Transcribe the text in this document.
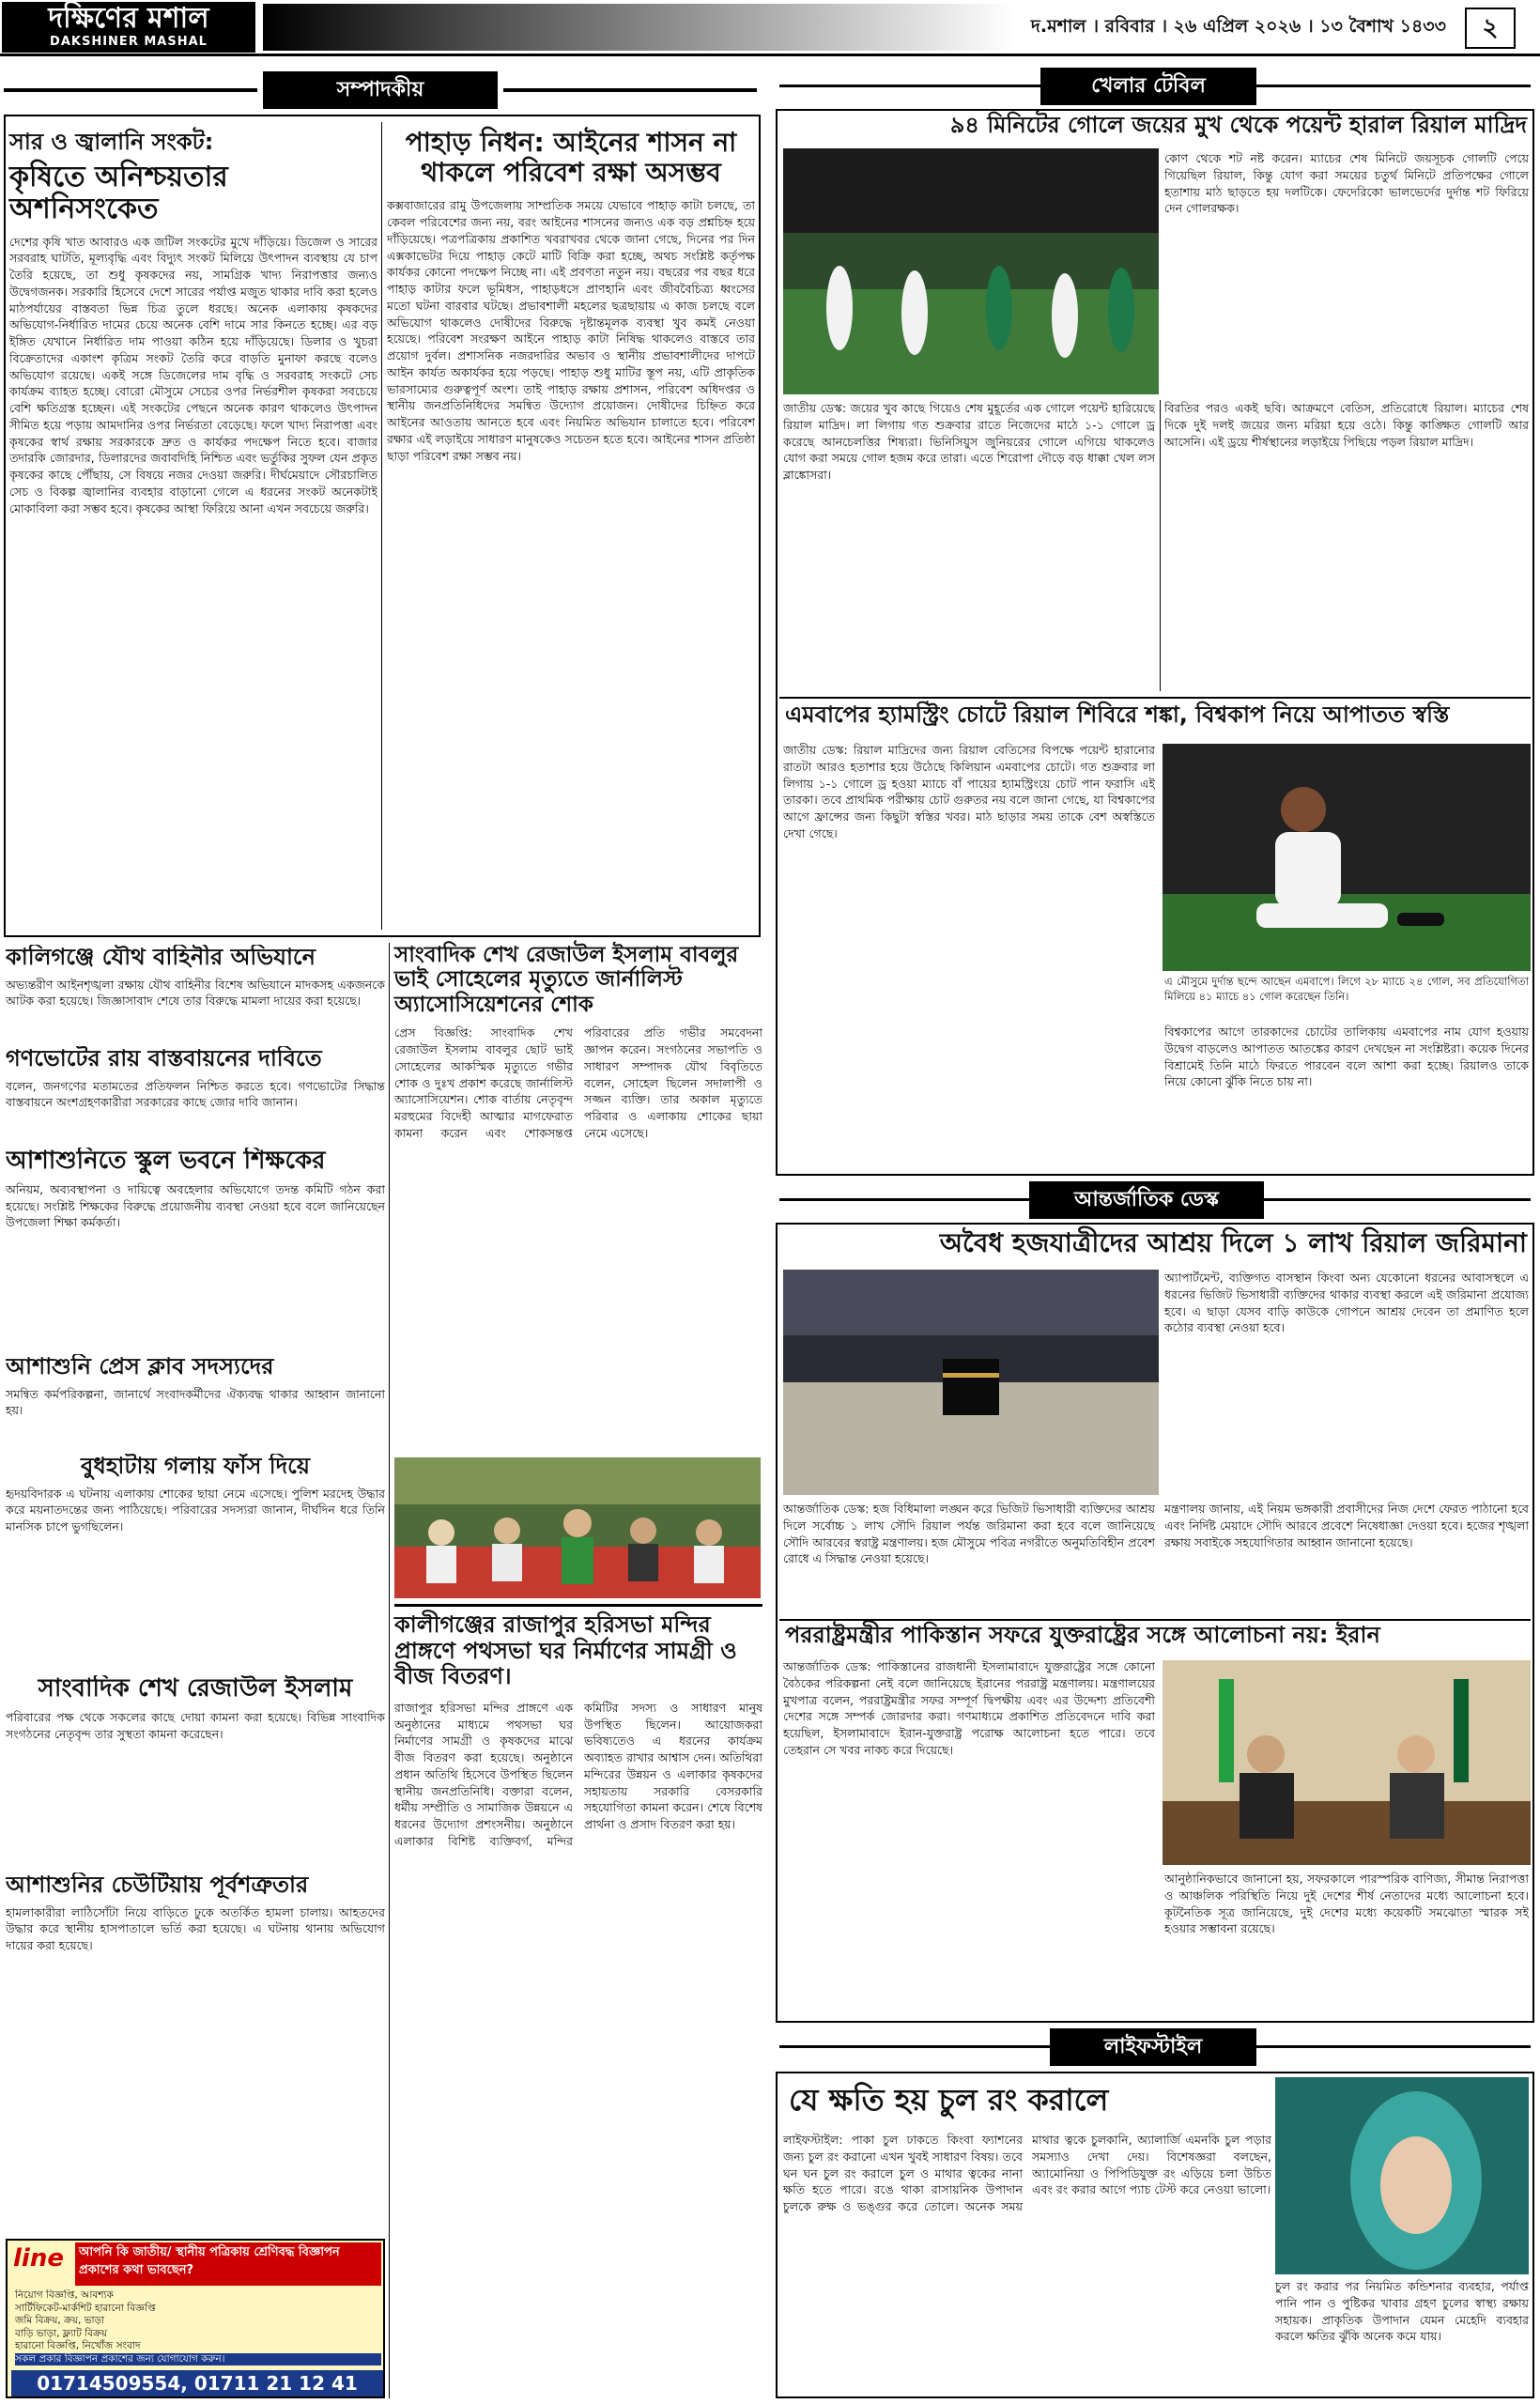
দক্ষিণের মশাল
DAKSHINER MASHAL
দ.মশাল । রবিবার । ২৬ এপ্রিল ২০২৬ । ১৩ বৈশাখ ১৪৩৩	২
সম্পাদকীয়
সার ও জ্বালানি সংকট:
কৃষিতে অনিশ্চয়তার অশনিসংকেত
দেশের কৃষি খাত আবারও এক জটিল সংকটের মুখে দাঁড়িয়ে। ডিজেল ও সারের সরবরাহ ঘাটতি, মূল্যবৃদ্ধি এবং বিদ্যুৎ সংকট মিলিয়ে উৎপাদন ব্যবস্থায় যে চাপ তৈরি হয়েছে, তা শুধু কৃষকদের নয়, সামগ্রিক খাদ্য নিরাপত্তার জন্যও উদ্বেগজনক। সরকারি হিসেবে দেশে সারের পর্যাপ্ত মজুত থাকার দাবি করা হলেও মাঠপর্যায়ের বাস্তবতা ভিন্ন চিত্র তুলে ধরছে। অনেক এলাকায় কৃষকদের অভিযোগ-নির্ধারিত দামের চেয়ে অনেক বেশি দামে সার কিনতে হচ্ছে। এর বড় ইঙ্গিত যেখানে নির্ধারিত দাম পাওয়া কঠিন হয়ে দাঁড়িয়েছে। ডিলার ও খুচরা বিক্রেতাদের একাংশ কৃত্রিম সংকট তৈরি করে বাড়তি মুনাফা করছে বলেও অভিযোগ রয়েছে। একই সঙ্গে ডিজেলের দাম বৃদ্ধি ও সরবরাহ সংকটে সেচ কার্যক্রম ব্যাহত হচ্ছে। বোরো মৌসুমে সেচের ওপর নির্ভরশীল কৃষকরা সবচেয়ে বেশি ক্ষতিগ্রস্ত হচ্ছেন। এই সংকটের পেছনে অনেক কারণ থাকলেও উৎপাদন সীমিত হয়ে পড়ায় আমদানির ওপর নির্ভরতা বেড়েছে। ফলে খাদ্য নিরাপত্তা এবং কৃষকের স্বার্থ রক্ষায় সরকারকে দ্রুত ও কার্যকর পদক্ষেপ নিতে হবে। বাজার তদারকি জোরদার, ডিলারদের জবাবদিহি নিশ্চিত এবং ভর্তুকির সুফল যেন প্রকৃত কৃষকের কাছে পৌঁছায়, সে বিষয়ে নজর দেওয়া জরুরি। দীর্ঘমেয়াদে সৌরচালিত সেচ ও বিকল্প জ্বালানির ব্যবহার বাড়ানো গেলে এ ধরনের সংকট অনেকটাই মোকাবিলা করা সম্ভব হবে। কৃষকের আস্থা ফিরিয়ে আনা এখন সবচেয়ে জরুরি।
পাহাড় নিধন: আইনের শাসন না থাকলে পরিবেশ রক্ষা অসম্ভব
কক্সবাজারের রামু উপজেলায় সাম্প্রতিক সময়ে যেভাবে পাহাড় কাটা চলছে, তা কেবল পরিবেশের জন্য নয়, বরং আইনের শাসনের জন্যও এক বড় প্রশ্নচিহ্ন হয়ে দাঁড়িয়েছে। পত্রপত্রিকায় প্রকাশিত খবরাখবর থেকে জানা গেছে, দিনের পর দিন এক্সকাভেটর দিয়ে পাহাড় কেটে মাটি বিক্রি করা হচ্ছে, অথচ সংশ্লিষ্ট কর্তৃপক্ষ কার্যকর কোনো পদক্ষেপ নিচ্ছে না। এই প্রবণতা নতুন নয়। বছরের পর বছর ধরে পাহাড় কাটার ফলে ভূমিধস, পাহাড়ধসে প্রাণহানি এবং জীববৈচিত্র্য ধ্বংসের মতো ঘটনা বারবার ঘটছে। প্রভাবশালী মহলের ছত্রছায়ায় এ কাজ চলছে বলে অভিযোগ থাকলেও দোষীদের বিরুদ্ধে দৃষ্টান্তমূলক ব্যবস্থা খুব কমই নেওয়া হয়েছে। পরিবেশ সংরক্ষণ আইনে পাহাড় কাটা নিষিদ্ধ থাকলেও বাস্তবে তার প্রয়োগ দুর্বল। প্রশাসনিক নজরদারির অভাব ও স্থানীয় প্রভাবশালীদের দাপটে আইন কার্যত অকার্যকর হয়ে পড়ছে। পাহাড় শুধু মাটির স্তূপ নয়, এটি প্রাকৃতিক ভারসাম্যের গুরুত্বপূর্ণ অংশ। তাই পাহাড় রক্ষায় প্রশাসন, পরিবেশ অধিদপ্তর ও স্থানীয় জনপ্রতিনিধিদের সমন্বিত উদ্যোগ প্রয়োজন। দোষীদের চিহ্নিত করে আইনের আওতায় আনতে হবে এবং নিয়মিত অভিযান চালাতে হবে। পরিবেশ রক্ষার এই লড়াইয়ে সাধারণ মানুষকেও সচেতন হতে হবে। আইনের শাসন প্রতিষ্ঠা ছাড়া পরিবেশ রক্ষা সম্ভব নয়।
কালিগঞ্জে যৌথ বাহিনীর অভিযানে
অভ্যন্তরীণ আইনশৃঙ্খলা রক্ষায় যৌথ বাহিনীর বিশেষ অভিযানে মাদকসহ একজনকে আটক করা হয়েছে। জিজ্ঞাসাবাদ শেষে তার বিরুদ্ধে মামলা দায়ের করা হয়েছে।
গণভোটের রায় বাস্তবায়নের দাবিতে
বলেন, জনগণের মতামতের প্রতিফলন নিশ্চিত করতে হবে। গণভোটের সিদ্ধান্ত বাস্তবায়নে অংশগ্রহণকারীরা সরকারের কাছে জোর দাবি জানান।
আশাশুনিতে স্কুল ভবনে শিক্ষকের
অনিয়ম, অব্যবস্থাপনা ও দায়িত্বে অবহেলার অভিযোগে তদন্ত কমিটি গঠন করা হয়েছে। সংশ্লিষ্ট শিক্ষকের বিরুদ্ধে প্রয়োজনীয় ব্যবস্থা নেওয়া হবে বলে জানিয়েছেন উপজেলা শিক্ষা কর্মকর্তা।
আশাশুনি প্রেস ক্লাব সদস্যদের
সমন্বিত কর্মপরিকল্পনা, জানার্থে সংবাদকর্মীদের ঐক্যবদ্ধ থাকার আহ্বান জানানো হয়।
বুধহাটায় গলায় ফাঁস দিয়ে
হৃদয়বিদারক এ ঘটনায় এলাকায় শোকের ছায়া নেমে এসেছে। পুলিশ মরদেহ উদ্ধার করে ময়নাতদন্তের জন্য পাঠিয়েছে। পরিবারের সদস্যরা জানান, দীর্ঘদিন ধরে তিনি মানসিক চাপে ভুগছিলেন।
সাংবাদিক শেখ রেজাউল ইসলাম
পরিবারের পক্ষ থেকে সকলের কাছে দোয়া কামনা করা হয়েছে। বিভিন্ন সাংবাদিক সংগঠনের নেতৃবৃন্দ তার সুস্থতা কামনা করেছেন।
আশাশুনির চেউটিয়ায় পূর্বশত্রুতার
হামলাকারীরা লাঠিসোঁটা নিয়ে বাড়িতে ঢুকে অতর্কিত হামলা চালায়। আহতদের উদ্ধার করে স্থানীয় হাসপাতালে ভর্তি করা হয়েছে। এ ঘটনায় থানায় অভিযোগ দায়ের করা হয়েছে।
line	আপনি কি জাতীয়/ স্থানীয় পত্রিকায় শ্রেণিবদ্ধ বিজ্ঞাপন প্রকাশের কথা ভাবছেন?
নিয়োগ বিজ্ঞপ্তি, আবশ্যক
সার্টিফিকেট-মার্কশিট হারানো বিজ্ঞপ্তি
জমি বিক্রয়, ক্রয়, ভাড়া
বাড়ি ভাড়া, ফ্ল্যাট বিক্রয়
হারানো বিজ্ঞপ্তি, নিখোঁজ সংবাদ
সকল প্রকার বিজ্ঞাপন প্রকাশের জন্য যোগাযোগ করুন।
01714509554, 01711 21 12 41
সাংবাদিক শেখ রেজাউল ইসলাম বাবলুর ভাই সোহেলের মৃত্যুতে জার্নালিস্ট অ্যাসোসিয়েশনের শোক
প্রেস বিজ্ঞপ্তি: সাংবাদিক শেখ রেজাউল ইসলাম বাবলুর ছোট ভাই সোহেলের আকস্মিক মৃত্যুতে গভীর শোক ও দুঃখ প্রকাশ করেছে জার্নালিস্ট অ্যাসোসিয়েশন। শোক বার্তায় নেতৃবৃন্দ মরহুমের বিদেহী আত্মার মাগফেরাত কামনা করেন এবং শোকসন্তপ্ত পরিবারের প্রতি গভীর সমবেদনা জ্ঞাপন করেন। সংগঠনের সভাপতি ও সাধারণ সম্পাদক যৌথ বিবৃতিতে বলেন, সোহেল ছিলেন সদালাপী ও সজ্জন ব্যক্তি। তার অকাল মৃত্যুতে পরিবার ও এলাকায় শোকের ছায়া নেমে এসেছে।
কালীগঞ্জের রাজাপুর হরিসভা মন্দির প্রাঙ্গণে পথসভা ঘর নির্মাণের সামগ্রী ও বীজ বিতরণ।
রাজাপুর হরিসভা মন্দির প্রাঙ্গণে এক অনুষ্ঠানের মাধ্যমে পথসভা ঘর নির্মাণের সামগ্রী ও কৃষকদের মাঝে বীজ বিতরণ করা হয়েছে। অনুষ্ঠানে প্রধান অতিথি হিসেবে উপস্থিত ছিলেন স্থানীয় জনপ্রতিনিধি। বক্তারা বলেন, ধর্মীয় সম্প্রীতি ও সামাজিক উন্নয়নে এ ধরনের উদ্যোগ প্রশংসনীয়। অনুষ্ঠানে এলাকার বিশিষ্ট ব্যক্তিবর্গ, মন্দির কমিটির সদস্য ও সাধারণ মানুষ উপস্থিত ছিলেন। আয়োজকরা ভবিষ্যতেও এ ধরনের কার্যক্রম অব্যাহত রাখার আশ্বাস দেন। অতিথিরা মন্দিরের উন্নয়ন ও এলাকার কৃষকদের সহায়তায় সরকারি বেসরকারি সহযোগিতা কামনা করেন। শেষে বিশেষ প্রার্থনা ও প্রসাদ বিতরণ করা হয়।
খেলার টেবিল
৯৪ মিনিটের গোলে জয়ের মুখ থেকে পয়েন্ট হারাল রিয়াল মাদ্রিদ
কোণ থেকে শট নষ্ট করেন। ম্যাচের শেষ মিনিটে জয়সূচক গোলটি পেয়ে গিয়েছিল রিয়াল, কিন্তু যোগ করা সময়ের চতুর্থ মিনিটে প্রতিপক্ষের গোলে হতাশায় মাঠ ছাড়তে হয় দলটিকে। ফেদেরিকো ভালভের্দের দুর্দান্ত শট ফিরিয়ে দেন গোলরক্ষক।
জাতীয় ডেস্ক: জয়ের খুব কাছে গিয়েও শেষ মুহূর্তের এক গোলে পয়েন্ট হারিয়েছে রিয়াল মাদ্রিদ। লা লিগায় গত শুক্রবার রাতে নিজেদের মাঠে ১-১ গোলে ড্র করেছে আনচেলত্তির শিষ্যরা। ভিনিসিয়ুস জুনিয়রের গোলে এগিয়ে থাকলেও যোগ করা সময়ে গোল হজম করে তারা। এতে শিরোপা দৌড়ে বড় ধাক্কা খেল লস ব্লাঙ্কোসরা।
বিরতির পরও একই ছবি। আক্রমণে বেতিস, প্রতিরোধে রিয়াল। ম্যাচের শেষ দিকে দুই দলই জয়ের জন্য মরিয়া হয়ে ওঠে। কিন্তু কাঙ্ক্ষিত গোলটি আর আসেনি। এই ড্রয়ে শীর্ষস্থানের লড়াইয়ে পিছিয়ে পড়ল রিয়াল মাদ্রিদ।
এমবাপের হ্যামস্ট্রিং চোটে রিয়াল শিবিরে শঙ্কা, বিশ্বকাপ নিয়ে আপাতত স্বস্তি
জাতীয় ডেস্ক: রিয়াল মাদ্রিদের জন্য রিয়াল বেতিসের বিপক্ষে পয়েন্ট হারানোর রাতটা আরও হতাশার হয়ে উঠেছে কিলিয়ান এমবাপের চোটে। গত শুক্রবার লা লিগায় ১-১ গোলে ড্র হওয়া ম্যাচে বাঁ পায়ের হ্যামস্ট্রিংয়ে চোট পান ফরাসি এই তারকা। তবে প্রাথমিক পরীক্ষায় চোট গুরুতর নয় বলে জানা গেছে, যা বিশ্বকাপের আগে ফ্রান্সের জন্য কিছুটা স্বস্তির খবর। মাঠ ছাড়ার সময় তাকে বেশ অস্বস্তিতে দেখা গেছে।
এ মৌসুমে দুর্দান্ত ছন্দে আছেন এমবাপে। লিগে ২৮ ম্যাচে ২৪ গোল, সব প্রতিযোগিতা মিলিয়ে ৪১ ম্যাচে ৪১ গোল করেছেন তিনি।
বিশ্বকাপের আগে তারকাদের চোটের তালিকায় এমবাপের নাম যোগ হওয়ায় উদ্বেগ বাড়লেও আপাতত আতঙ্কের কারণ দেখছেন না সংশ্লিষ্টরা। কয়েক দিনের বিশ্রামেই তিনি মাঠে ফিরতে পারবেন বলে আশা করা হচ্ছে। রিয়ালও তাকে নিয়ে কোনো ঝুঁকি নিতে চায় না।
আন্তর্জাতিক ডেস্ক
অবৈধ হজযাত্রীদের আশ্রয় দিলে ১ লাখ রিয়াল জরিমানা
অ্যাপার্টমেন্ট, ব্যক্তিগত বাসস্থান কিংবা অন্য যেকোনো ধরনের আবাসস্থলে এ ধরনের ভিজিট ভিসাধারী ব্যক্তিদের থাকার ব্যবস্থা করলে এই জরিমানা প্রযোজ্য হবে। এ ছাড়া যেসব বাড়ি কাউকে গোপনে আশ্রয় দেবেন তা প্রমাণিত হলে কঠোর ব্যবস্থা নেওয়া হবে।
আন্তর্জাতিক ডেস্ক: হজ বিধিমালা লঙ্ঘন করে ভিজিট ভিসাধারী ব্যক্তিদের আশ্রয় দিলে সর্বোচ্চ ১ লাখ সৌদি রিয়াল পর্যন্ত জরিমানা করা হবে বলে জানিয়েছে সৌদি আরবের স্বরাষ্ট্র মন্ত্রণালয়। হজ মৌসুমে পবিত্র নগরীতে অনুমতিবিহীন প্রবেশ রোধে এ সিদ্ধান্ত নেওয়া হয়েছে।
মন্ত্রণালয় জানায়, এই নিয়ম ভঙ্গকারী প্রবাসীদের নিজ দেশে ফেরত পাঠানো হবে এবং নির্দিষ্ট মেয়াদে সৌদি আরবে প্রবেশে নিষেধাজ্ঞা দেওয়া হবে। হজের শৃঙ্খলা রক্ষায় সবাইকে সহযোগিতার আহ্বান জানানো হয়েছে।
পররাষ্ট্রমন্ত্রীর পাকিস্তান সফরে যুক্তরাষ্ট্রের সঙ্গে আলোচনা নয়: ইরান
আন্তর্জাতিক ডেস্ক: পাকিস্তানের রাজধানী ইসলামাবাদে যুক্তরাষ্ট্রের সঙ্গে কোনো বৈঠকের পরিকল্পনা নেই বলে জানিয়েছে ইরানের পররাষ্ট্র মন্ত্রণালয়। মন্ত্রণালয়ের মুখপাত্র বলেন, পররাষ্ট্রমন্ত্রীর সফর সম্পূর্ণ দ্বিপক্ষীয় এবং এর উদ্দেশ্য প্রতিবেশী দেশের সঙ্গে সম্পর্ক জোরদার করা। গণমাধ্যমে প্রকাশিত প্রতিবেদনে দাবি করা হয়েছিল, ইসলামাবাদে ইরান-যুক্তরাষ্ট্র পরোক্ষ আলোচনা হতে পারে। তবে তেহরান সে খবর নাকচ করে দিয়েছে।
আনুষ্ঠানিকভাবে জানানো হয়, সফরকালে পারস্পরিক বাণিজ্য, সীমান্ত নিরাপত্তা ও আঞ্চলিক পরিস্থিতি নিয়ে দুই দেশের শীর্ষ নেতাদের মধ্যে আলোচনা হবে। কূটনৈতিক সূত্র জানিয়েছে, দুই দেশের মধ্যে কয়েকটি সমঝোতা স্মারক সই হওয়ার সম্ভাবনা রয়েছে।
লাইফস্টাইল
যে ক্ষতি হয় চুল রং করালে
লাইফস্টাইল: পাকা চুল ঢাকতে কিংবা ফ্যাশনের জন্য চুল রং করানো এখন খুবই সাধারণ বিষয়। তবে ঘন ঘন চুল রং করালে চুল ও মাথার ত্বকের নানা ক্ষতি হতে পারে। রঙে থাকা রাসায়নিক উপাদান চুলকে রুক্ষ ও ভঙ্গুর করে তোলে। অনেক সময় মাথার ত্বকে চুলকানি, অ্যালার্জি এমনকি চুল পড়ার সমস্যাও দেখা দেয়। বিশেষজ্ঞরা বলছেন, অ্যামোনিয়া ও পিপিডিযুক্ত রং এড়িয়ে চলা উচিত এবং রং করার আগে প্যাচ টেস্ট করে নেওয়া ভালো।
চুল রং করার পর নিয়মিত কন্ডিশনার ব্যবহার, পর্যাপ্ত পানি পান ও পুষ্টিকর খাবার গ্রহণ চুলের স্বাস্থ্য রক্ষায় সহায়ক। প্রাকৃতিক উপাদান যেমন মেহেদি ব্যবহার করলে ক্ষতির ঝুঁকি অনেক কমে যায়।
